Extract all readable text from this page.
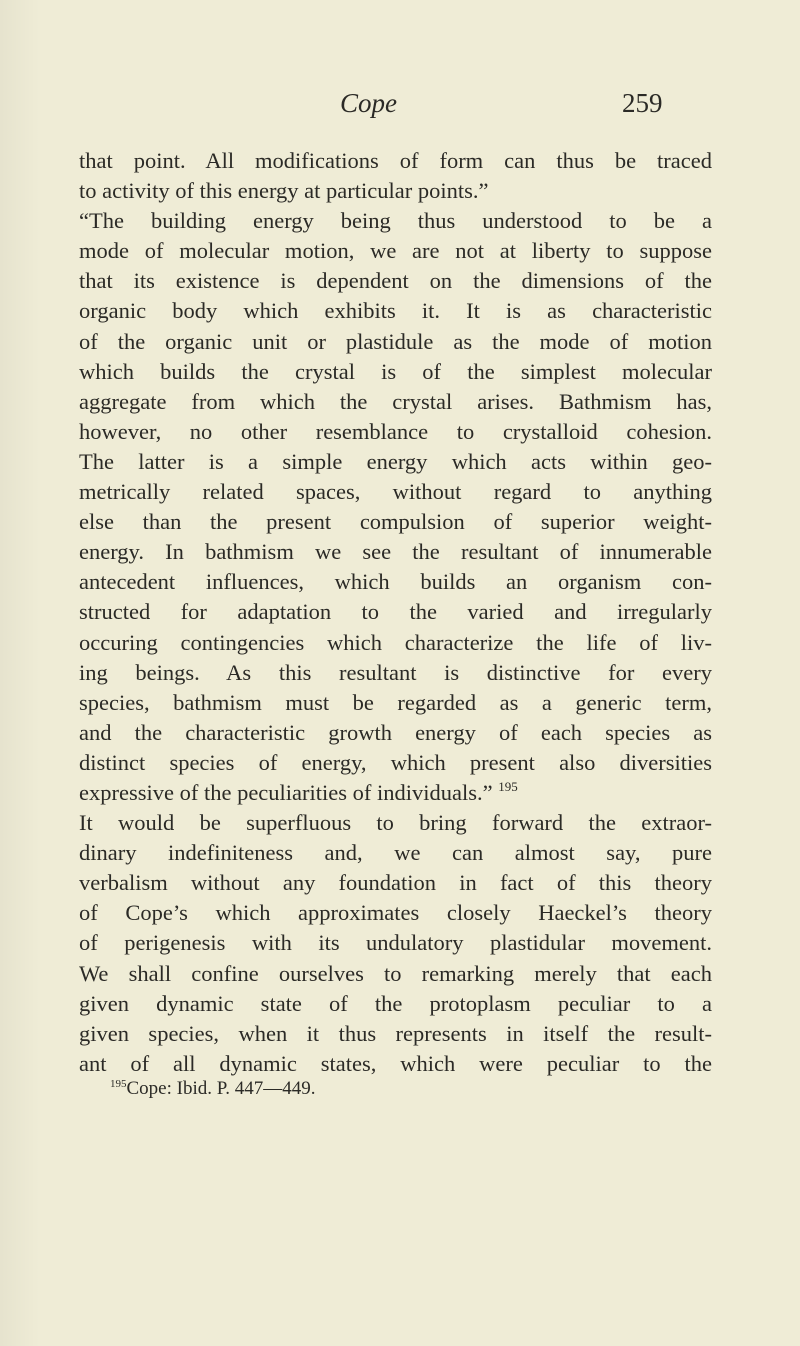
Cope	259
that point. All modifications of form can thus be traced
to activity of this energy at particular points.”
“The building energy being thus understood to be a
mode of molecular motion, we are not at liberty to suppose
that its existence is dependent on the dimensions of the
organic body which exhibits it. It is as characteristic
of the organic unit or plastidule as the mode of motion
which builds the crystal is of the simplest molecular
aggregate from which the crystal arises. Bathmism has,
however, no other resemblance to crystalloid cohesion.
The latter is a simple energy which acts within geo-
metrically related spaces, without regard to anything
else than the present compulsion of superior weight-
energy. In bathmism we see the resultant of innumerable
antecedent influences, which builds an organism con-
structed for adaptation to the varied and irregularly
occuring contingencies which characterize the life of liv-
ing beings. As this resultant is distinctive for every
species, bathmism must be regarded as a generic term,
and the characteristic growth energy of each species as
distinct species of energy, which present also diversities
expressive of the peculiarities of individuals.” $^{195}$
It would be superfluous to bring forward the extraor-
dinary indefiniteness and, we can almost say, pure
verbalism without any foundation in fact of this theory
of Cope’s which approximates closely Haeckel’s theory
of perigenesis with its undulatory plastidular movement.
We shall confine ourselves to remarking merely that each
given dynamic state of the protoplasm peculiar to a
given species, when it thus represents in itself the result-
ant of all dynamic states, which were peculiar to the
$^{195}$Cope: Ibid. P. 447—449.
